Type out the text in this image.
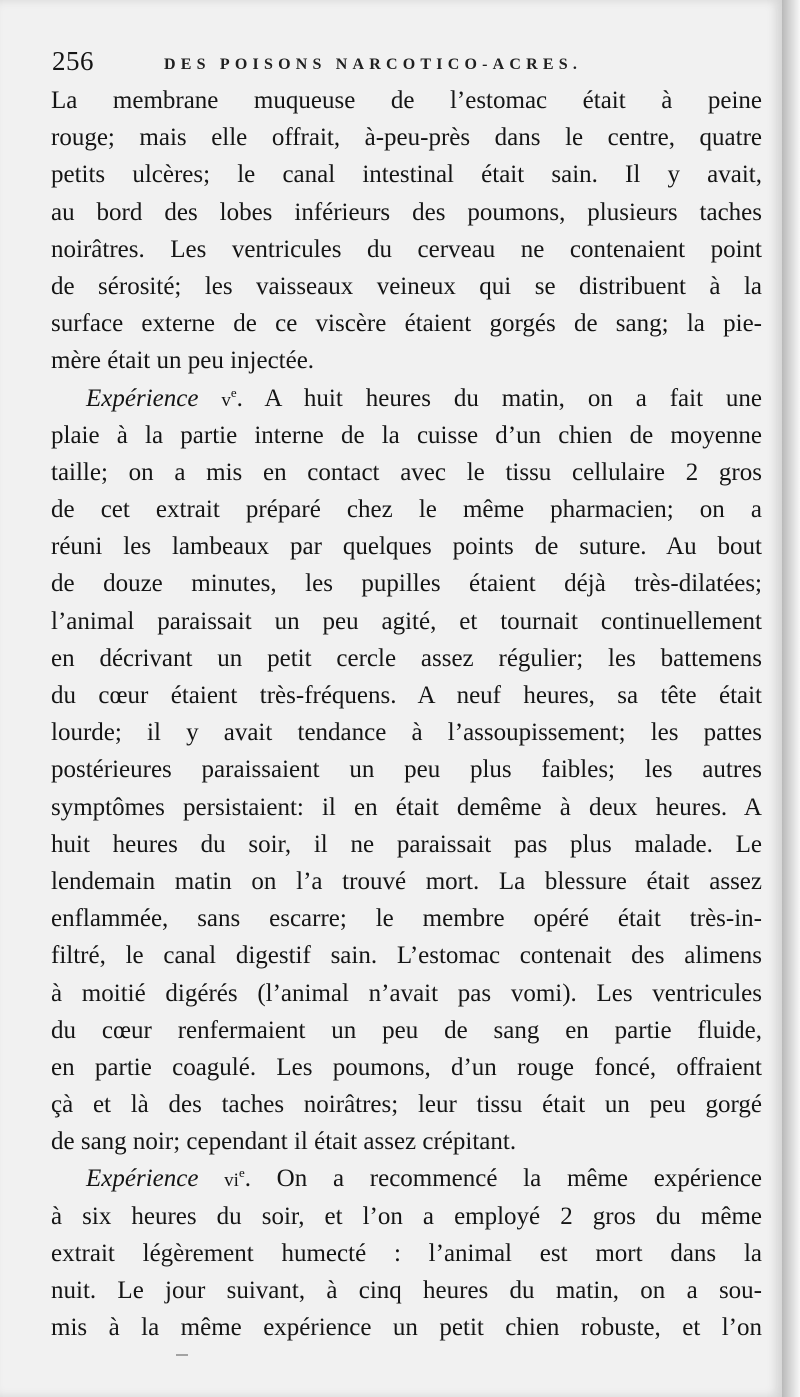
256	DES POISONS NARCOTICO-ACRES.
La membrane muqueuse de l’estomac était à peine
rouge; mais elle offrait, à-peu-près dans le centre, quatre
petits ulcères; le canal intestinal était sain. Il y avait,
au bord des lobes inférieurs des poumons, plusieurs taches
noirâtres. Les ventricules du cerveau ne contenaient point
de sérosité; les vaisseaux veineux qui se distribuent à la
surface externe de ce viscère étaient gorgés de sang; la pie-
mère était un peu injectée.
Expérience $v^e$. A huit heures du matin, on a fait une
plaie à la partie interne de la cuisse d’un chien de moyenne
taille; on a mis en contact avec le tissu cellulaire 2 gros
de cet extrait préparé chez le même pharmacien; on a
réuni les lambeaux par quelques points de suture. Au bout
de douze minutes, les pupilles étaient déjà très-dilatées;
l’animal paraissait un peu agité, et tournait continuellement
en décrivant un petit cercle assez régulier; les battemens
du cœur étaient très-fréquens. A neuf heures, sa tête était
lourde; il y avait tendance à l’assoupissement; les pattes
postérieures paraissaient un peu plus faibles; les autres
symptômes persistaient: il en était demême à deux heures. A
huit heures du soir, il ne paraissait pas plus malade. Le
lendemain matin on l’a trouvé mort. La blessure était assez
enflammée, sans escarre; le membre opéré était très-in-
filtré, le canal digestif sain. L’estomac contenait des alimens
à moitié digérés (l’animal n’avait pas vomi). Les ventricules
du cœur renfermaient un peu de sang en partie fluide,
en partie coagulé. Les poumons, d’un rouge foncé, offraient
çà et là des taches noirâtres; leur tissu était un peu gorgé
de sang noir; cependant il était assez crépitant.
Expérience $vi^e$. On a recommencé la même expérience
à six heures du soir, et l’on a employé 2 gros du même
extrait légèrement humecté : l’animal est mort dans la
nuit. Le jour suivant, à cinq heures du matin, on a sou-
mis à la même expérience un petit chien robuste, et l’on
